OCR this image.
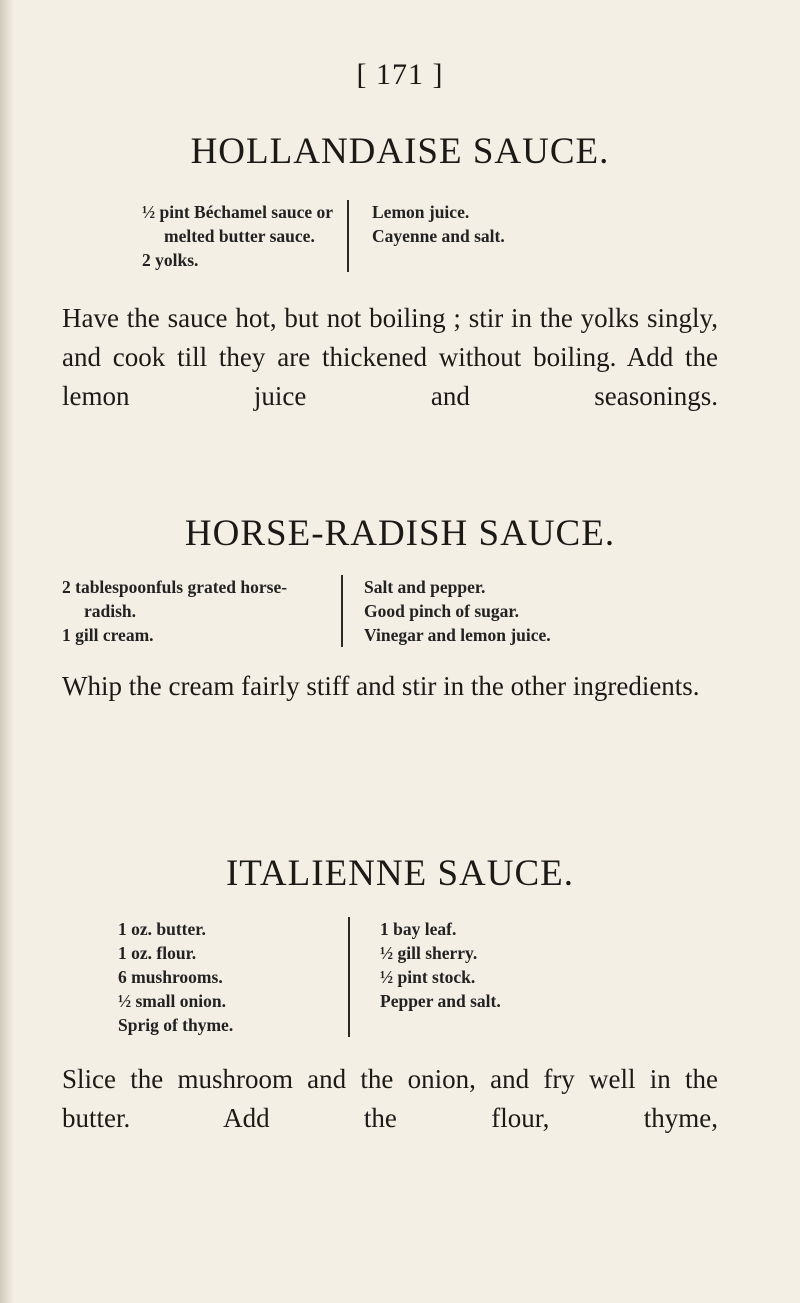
[ 171 ]
HOLLANDAISE SAUCE.
½ pint Béchamel sauce or
melted butter sauce.
2 yolks.
Lemon juice.
Cayenne and salt.
Have the sauce hot, but not boiling ; stir in the yolks singly, and cook till they are thickened without boiling. Add the lemon juice and seasonings.
HORSE-RADISH SAUCE.
2 tablespoonfuls grated horse-
radish.
1 gill cream.
Salt and pepper.
Good pinch of sugar.
Vinegar and lemon juice.
Whip the cream fairly stiff and stir in the other ingredients.
ITALIENNE SAUCE.
1 oz. butter.
1 oz. flour.
6 mushrooms.
½ small onion.
Sprig of thyme.
1 bay leaf.
½ gill sherry.
½ pint stock.
Pepper and salt.
Slice the mushroom and the onion, and fry well in the butter. Add the flour, thyme,
